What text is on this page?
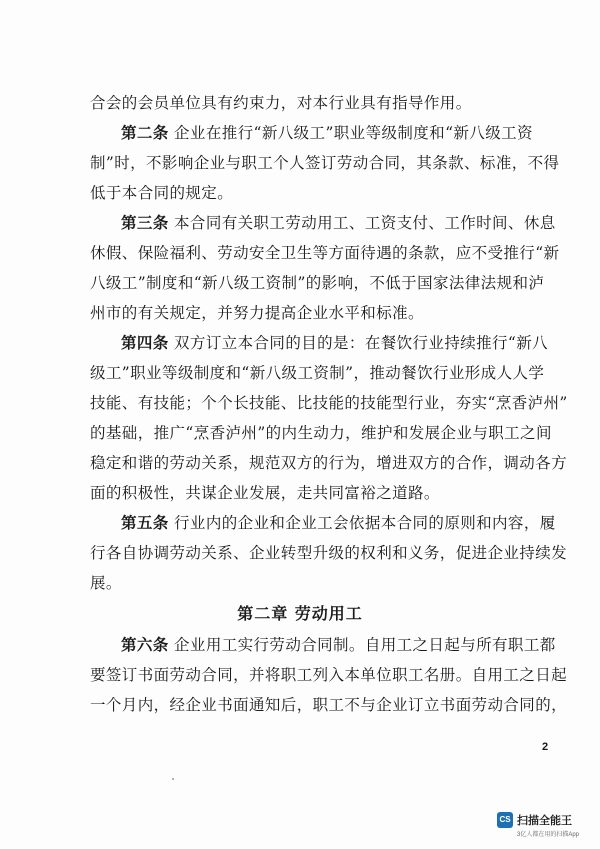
合会的会员单位具有约束力，对本行业具有指导作用。
第二条 企业在推行“新八级工”职业等级制度和“新八级工资
制”时，不影响企业与职工个人签订劳动合同，其条款、标准，不得
低于本合同的规定。
第三条 本合同有关职工劳动用工、工资支付、工作时间、休息
休假、保险福利、劳动安全卫生等方面待遇的条款，应不受推行“新
八级工”制度和“新八级工资制”的影响，不低于国家法律法规和泸
州市的有关规定，并努力提高企业水平和标准。
第四条 双方订立本合同的目的是：在餐饮行业持续推行“新八
级工”职业等级制度和“新八级工资制”，推动餐饮行业形成人人学
技能、有技能；个个长技能、比技能的技能型行业，夯实“烹香泸州”
的基础，推广“烹香泸州”的内生动力，维护和发展企业与职工之间
稳定和谐的劳动关系，规范双方的行为，增进双方的合作，调动各方
面的积极性，共谋企业发展，走共同富裕之道路。
第五条 行业内的企业和企业工会依据本合同的原则和内容，履
行各自协调劳动关系、企业转型升级的权利和义务，促进企业持续发
展。
第二章 劳动用工
第六条 企业用工实行劳动合同制。自用工之日起与所有职工都
要签订书面劳动合同，并将职工列入本单位职工名册。自用工之日起
一个月内，经企业书面通知后，职工不与企业订立书面劳动合同的，
2
CS 扫描全能王
3亿人都在用的扫描App
